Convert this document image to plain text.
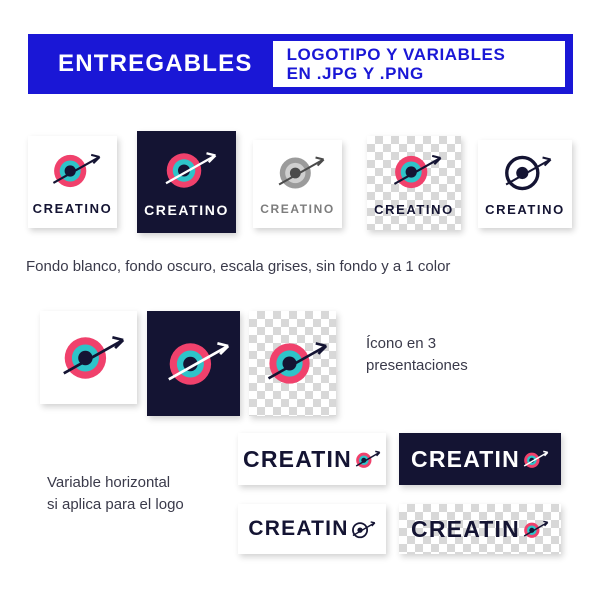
ENTREGABLES	LOGOTIPO Y VARIABLES
EN .JPG Y .PNG
CREATINO CREATINO	CREATINO	CREATINO CREATINO
Fondo blanco, fondo oscuro, escala grises, sin fondo y a 1 color
Ícono en 3
presentaciones
Variable horizontal
si aplica para el logo
CREATIN	CREATIN
CREATIN	CREATIN
